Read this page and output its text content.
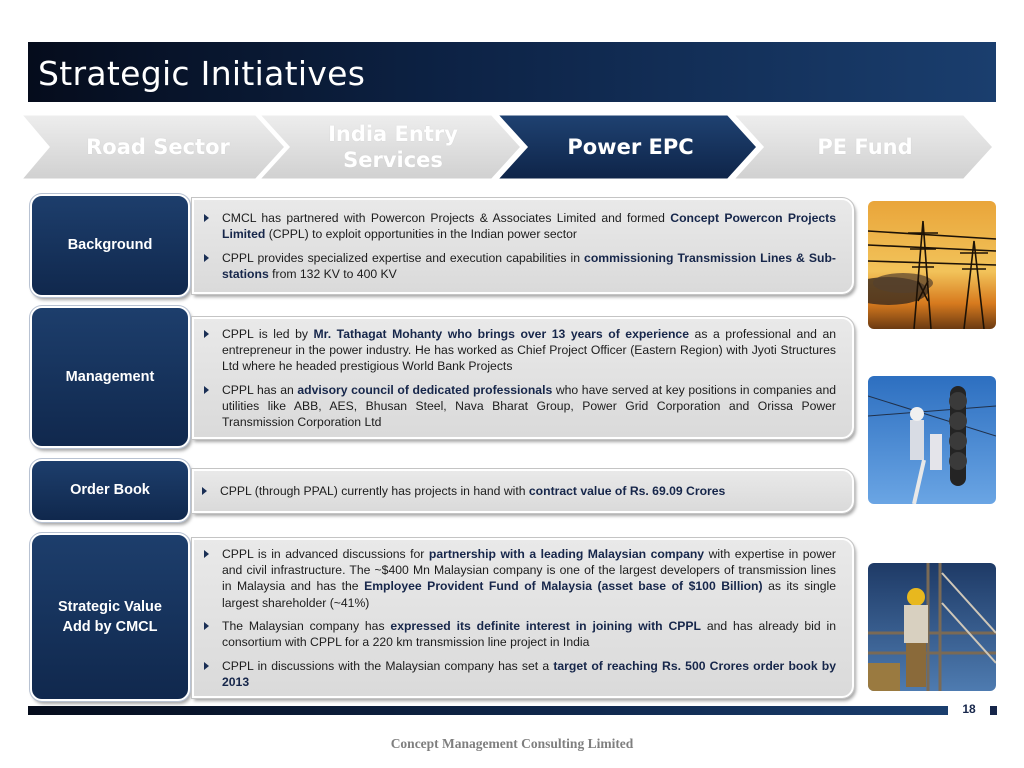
Strategic Initiatives
Road Sector
India Entry Services
Power EPC	PE Fund
Background
CMCL has partnered with Powercon Projects & Associates Limited and formed Concept Powercon Projects Limited (CPPL) to exploit opportunities in the Indian power sector
CPPL provides specialized expertise and execution capabilities in commissioning Transmission Lines & Sub-stations from 132 KV to 400 KV
Management
CPPL is led by Mr. Tathagat Mohanty who brings over 13 years of experience as a professional and an entrepreneur in the power industry. He has worked as Chief Project Officer (Eastern Region) with Jyoti Structures Ltd where he headed prestigious World Bank Projects
CPPL has an advisory council of dedicated professionals who have served at key positions in companies and utilities like ABB, AES, Bhusan Steel, Nava Bharat Group, Power Grid Corporation and Orissa Power Transmission Corporation Ltd
Order Book	CPPL (through PPAL) currently has projects in hand with contract value of Rs. 69.09 Crores
Strategic Value Add by CMCL
CPPL is in advanced discussions for partnership with a leading Malaysian company with expertise in power and civil infrastructure. The ~$400 Mn Malaysian company is one of the largest developers of transmission lines in Malaysia and has the Employee Provident Fund of Malaysia (asset base of $100 Billion) as its single largest shareholder (~41%)
The Malaysian company has expressed its definite interest in joining with CPPL and has already bid in consortium with CPPL for a 220 km transmission line project in India
CPPL in discussions with the Malaysian company has set a target of reaching Rs. 500 Crores order book by 2013
18
Concept Management Consulting Limited
